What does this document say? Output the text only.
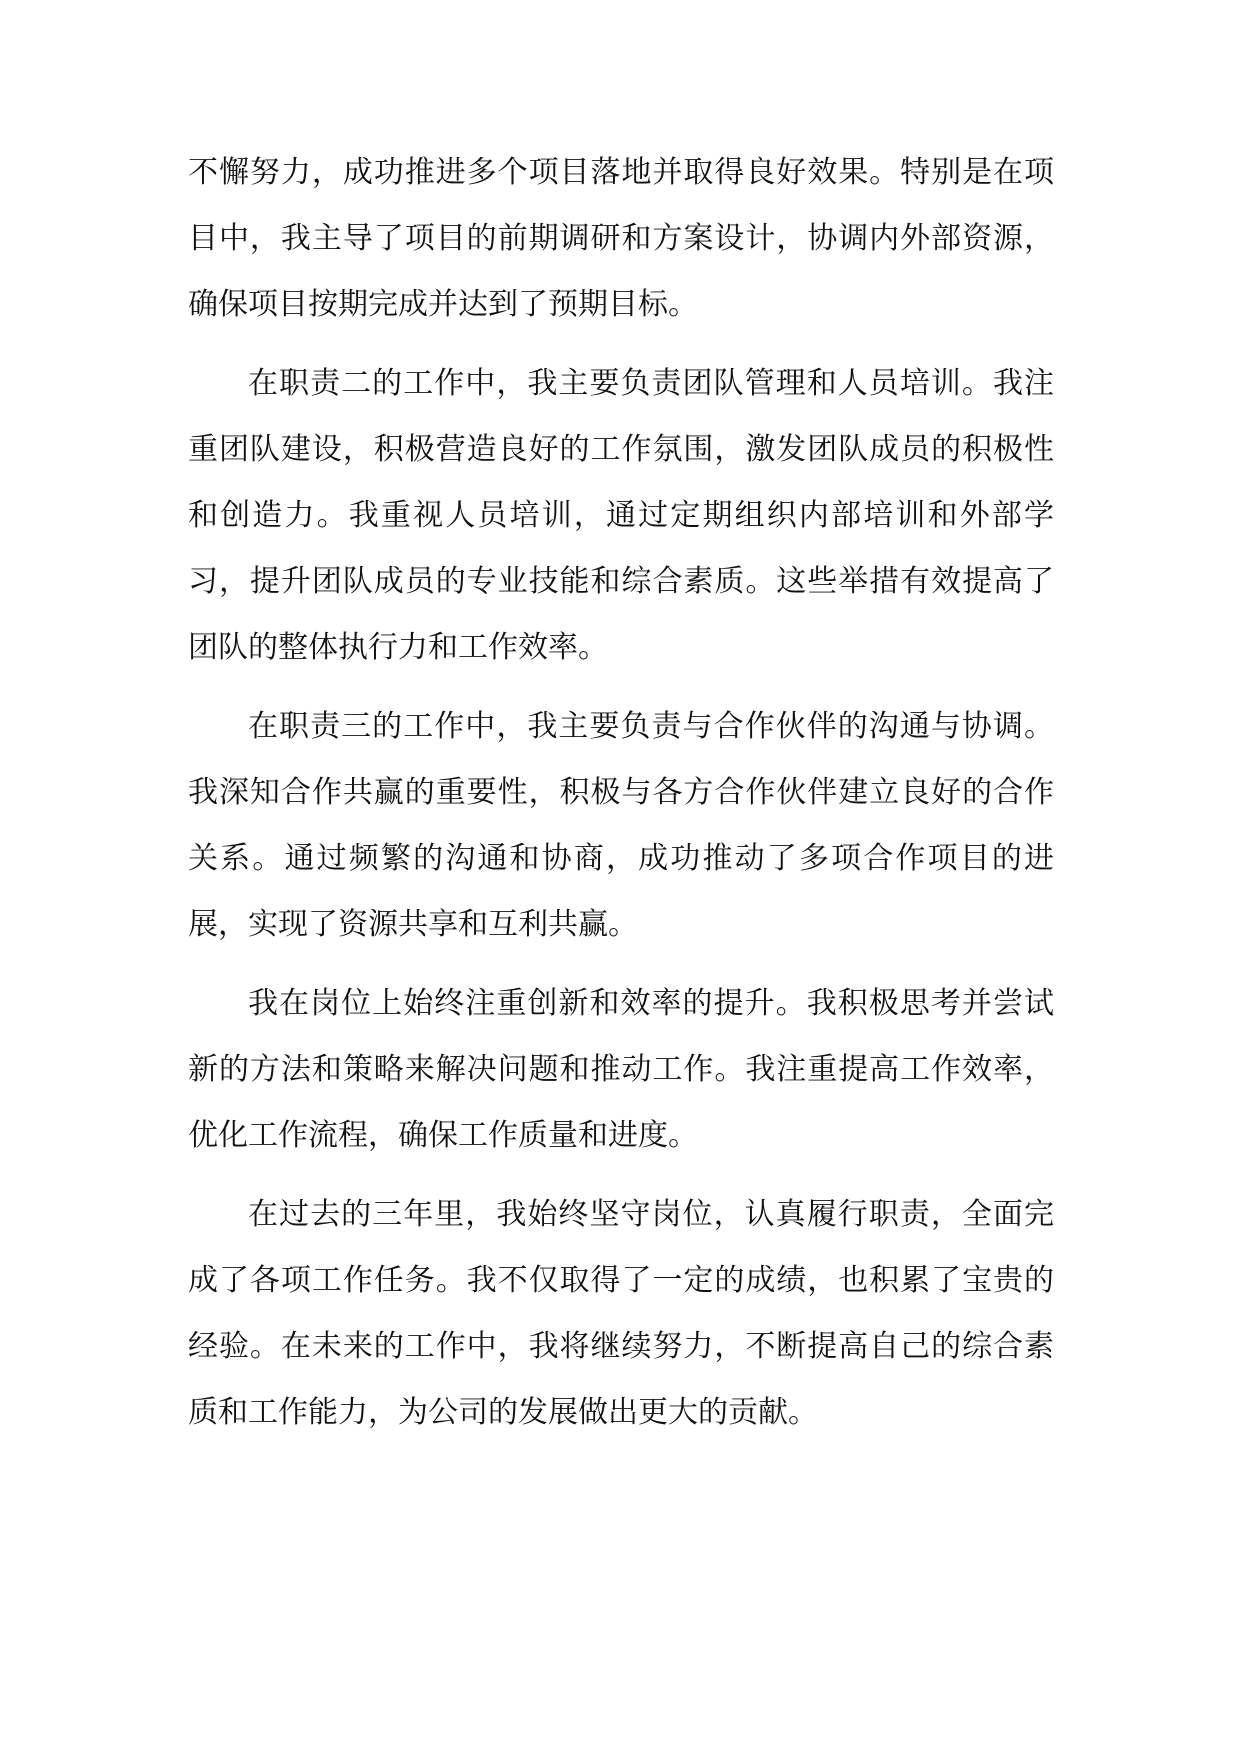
不懈努力，成功推进多个项目落地并取得良好效果。特别是在项目中，我主导了项目的前期调研和方案设计，协调内外部资源，确保项目按期完成并达到了预期目标。

在职责二的工作中，我主要负责团队管理和人员培训。我注重团队建设，积极营造良好的工作氛围，激发团队成员的积极性和创造力。我重视人员培训，通过定期组织内部培训和外部学习，提升团队成员的专业技能和综合素质。这些举措有效提高了团队的整体执行力和工作效率。

在职责三的工作中，我主要负责与合作伙伴的沟通与协调。我深知合作共赢的重要性，积极与各方合作伙伴建立良好的合作关系。通过频繁的沟通和协商，成功推动了多项合作项目的进展，实现了资源共享和互利共赢。

我在岗位上始终注重创新和效率的提升。我积极思考并尝试新的方法和策略来解决问题和推动工作。我注重提高工作效率，优化工作流程，确保工作质量和进度。

在过去的三年里，我始终坚守岗位，认真履行职责，全面完成了各项工作任务。我不仅取得了一定的成绩，也积累了宝贵的经验。在未来的工作中，我将继续努力，不断提高自己的综合素质和工作能力，为公司的发展做出更大的贡献。
